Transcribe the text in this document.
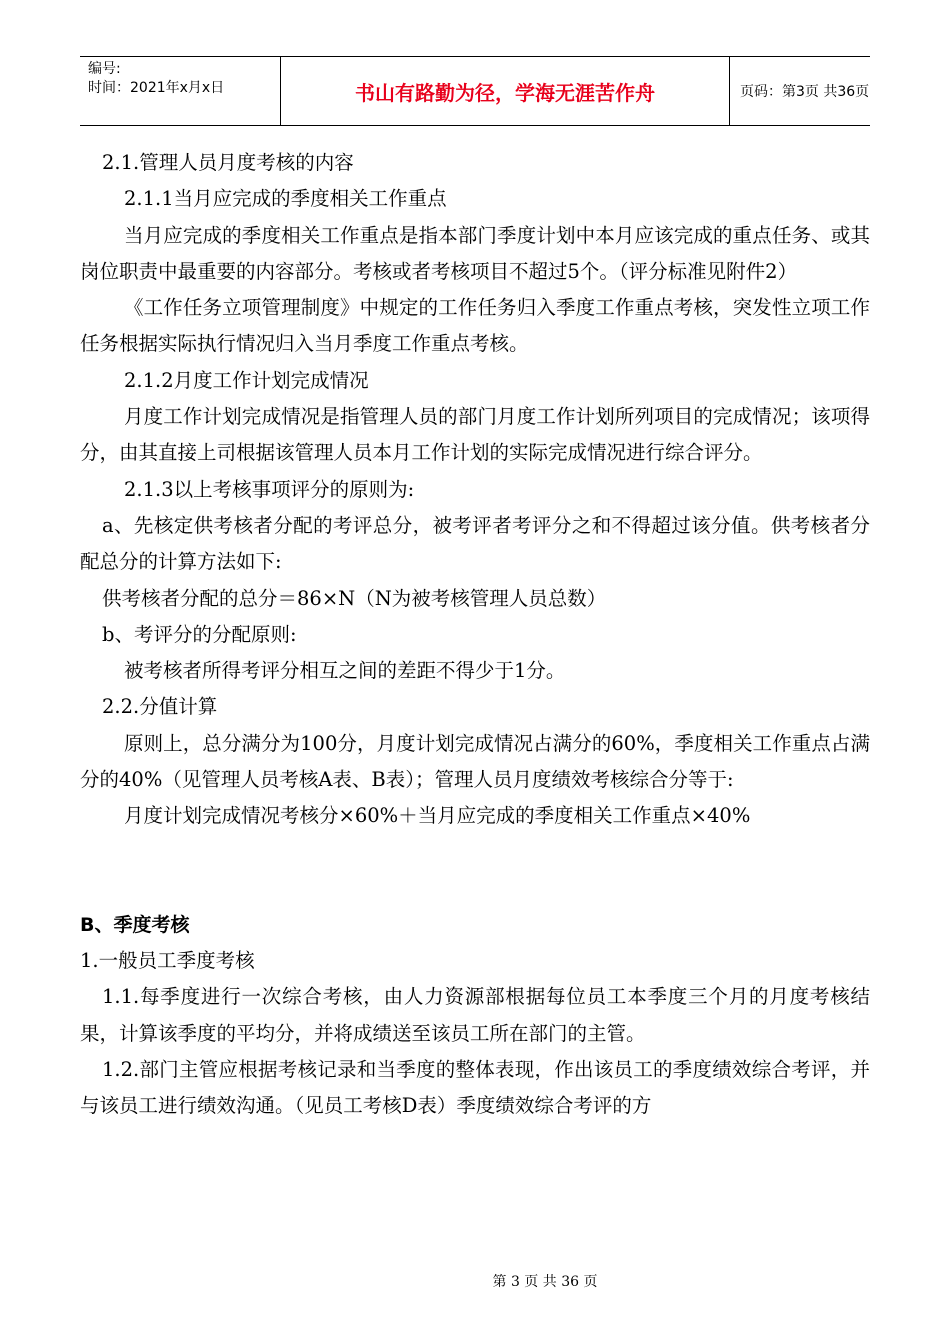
编号:
时间：2021年x月x日	书山有路勤为径，学海无涯苦作舟	页码：第3页 共36页

2.1.管理人员月度考核的内容

2.1.1当月应完成的季度相关工作重点

当月应完成的季度相关工作重点是指本部门季度计划中本月应该完成的重点任务、或其岗位职责中最重要的内容部分。考核或者考核项目不超过5个。（评分标准见附件2）

《工作任务立项管理制度》中规定的工作任务归入季度工作重点考核，突发性立项工作任务根据实际执行情况归入当月季度工作重点考核。

2.1.2月度工作计划完成情况

月度工作计划完成情况是指管理人员的部门月度工作计划所列项目的完成情况；该项得分，由其直接上司根据该管理人员本月工作计划的实际完成情况进行综合评分。

2.1.3以上考核事项评分的原则为:

a、先核定供考核者分配的考评总分，被考评者考评分之和不得超过该分值。供考核者分配总分的计算方法如下:

供考核者分配的总分＝86×N（N为被考核管理人员总数）

b、考评分的分配原则:

被考核者所得考评分相互之间的差距不得少于1分。

2.2.分值计算

原则上，总分满分为100分，月度计划完成情况占满分的60%，季度相关工作重点占满分的40%（见管理人员考核A表、B表）；管理人员月度绩效考核综合分等于:

月度计划完成情况考核分×60%＋当月应完成的季度相关工作重点×40%

B、季度考核

1.一般员工季度考核

1.1.每季度进行一次综合考核，由人力资源部根据每位员工本季度三个月的月度考核结果，计算该季度的平均分，并将成绩送至该员工所在部门的主管。

1.2.部门主管应根据考核记录和当季度的整体表现，作出该员工的季度绩效综合考评，并与该员工进行绩效沟通。（见员工考核D表）季度绩效综合考评的方

第 3 页 共 36 页
